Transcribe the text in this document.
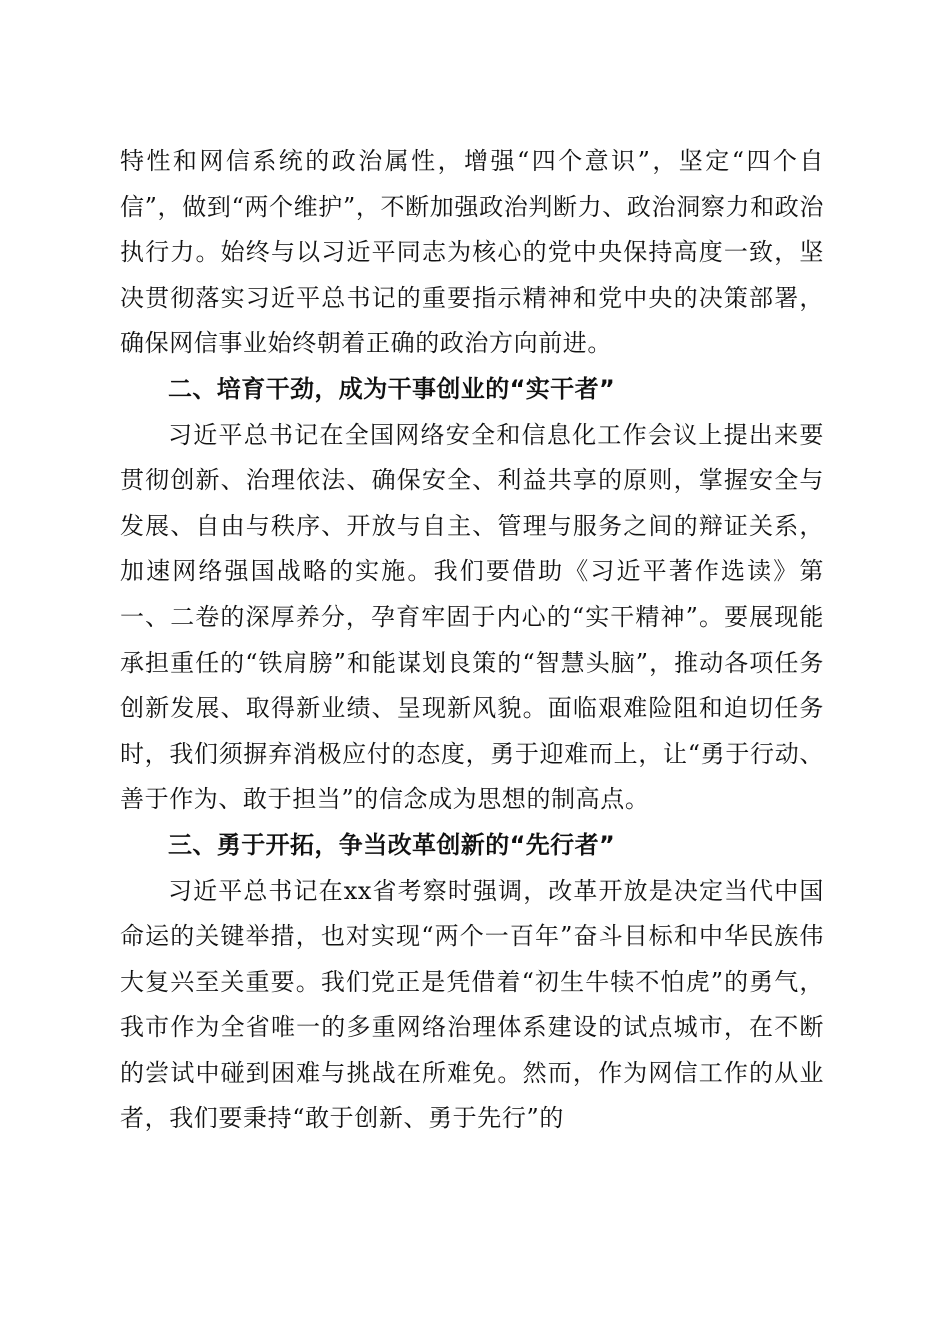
特性和网信系统的政治属性，增强“四个意识”，坚定“四个自信”，做到“两个维护”，不断加强政治判断力、政治洞察力和政治执行力。始终与以习近平同志为核心的党中央保持高度一致，坚决贯彻落实习近平总书记的重要指示精神和党中央的决策部署，确保网信事业始终朝着正确的政治方向前进。

二、培育干劲，成为干事创业的“实干者”

习近平总书记在全国网络安全和信息化工作会议上提出来要贯彻创新、治理依法、确保安全、利益共享的原则，掌握安全与发展、自由与秩序、开放与自主、管理与服务之间的辩证关系，加速网络强国战略的实施。我们要借助《习近平著作选读》第一、二卷的深厚养分，孕育牢固于内心的“实干精神”。要展现能承担重任的“铁肩膀”和能谋划良策的“智慧头脑”，推动各项任务创新发展、取得新业绩、呈现新风貌。面临艰难险阻和迫切任务时，我们须摒弃消极应付的态度，勇于迎难而上，让“勇于行动、善于作为、敢于担当”的信念成为思想的制高点。

三、勇于开拓，争当改革创新的“先行者”

习近平总书记在xx省考察时强调，改革开放是决定当代中国命运的关键举措，也对实现“两个一百年”奋斗目标和中华民族伟大复兴至关重要。我们党正是凭借着“初生牛犊不怕虎”的勇气，我市作为全省唯一的多重网络治理体系建设的试点城市，在不断的尝试中碰到困难与挑战在所难免。然而，作为网信工作的从业者，我们要秉持“敢于创新、勇于先行”的
